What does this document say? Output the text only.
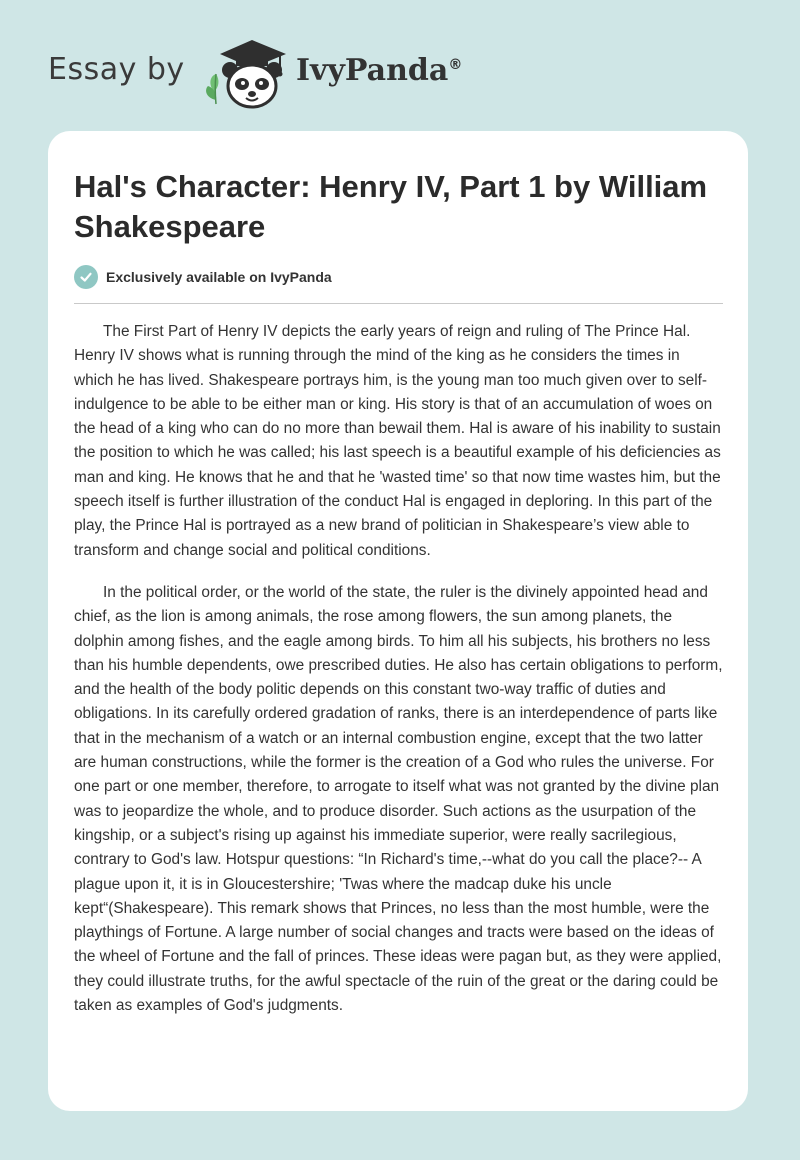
Essay by	IvyPanda®
Hal's Character: Henry IV, Part 1 by William Shakespeare
Exclusively available on IvyPanda

The First Part of Henry IV depicts the early years of reign and ruling of The Prince Hal. Henry IV shows what is running through the mind of the king as he considers the times in which he has lived. Shakespeare portrays him, is the young man too much given over to self-indulgence to be able to be either man or king. His story is that of an accumulation of woes on the head of a king who can do no more than bewail them. Hal is aware of his inability to sustain the position to which he was called; his last speech is a beautiful example of his deficiencies as man and king. He knows that he and that he 'wasted time' so that now time wastes him, but the speech itself is further illustration of the conduct Hal is engaged in deploring. In this part of the play, the Prince Hal is portrayed as a new brand of politician in Shakespeare’s view able to transform and change social and political conditions.

In the political order, or the world of the state, the ruler is the divinely appointed head and chief, as the lion is among animals, the rose among flowers, the sun among planets, the dolphin among fishes, and the eagle among birds. To him all his subjects, his brothers no less than his humble dependents, owe prescribed duties. He also has certain obligations to perform, and the health of the body politic depends on this constant two-way traffic of duties and obligations. In its carefully ordered gradation of ranks, there is an interdependence of parts like that in the mechanism of a watch or an internal combustion engine, except that the two latter are human constructions, while the former is the creation of a God who rules the universe. For one part or one member, therefore, to arrogate to itself what was not granted by the divine plan was to jeopardize the whole, and to produce disorder. Such actions as the usurpation of the kingship, or a subject's rising up against his immediate superior, were really sacrilegious, contrary to God's law. Hotspur questions: “In Richard's time,--what do you call the place?-- A plague upon it, it is in Gloucestershire; 'Twas where the madcap duke his uncle kept“(Shakespeare). This remark shows that Princes, no less than the most humble, were the playthings of Fortune. A large number of social changes and tracts were based on the ideas of the wheel of Fortune and the fall of princes. These ideas were pagan but, as they were applied, they could illustrate truths, for the awful spectacle of the ruin of the great or the daring could be taken as examples of God's judgments.
